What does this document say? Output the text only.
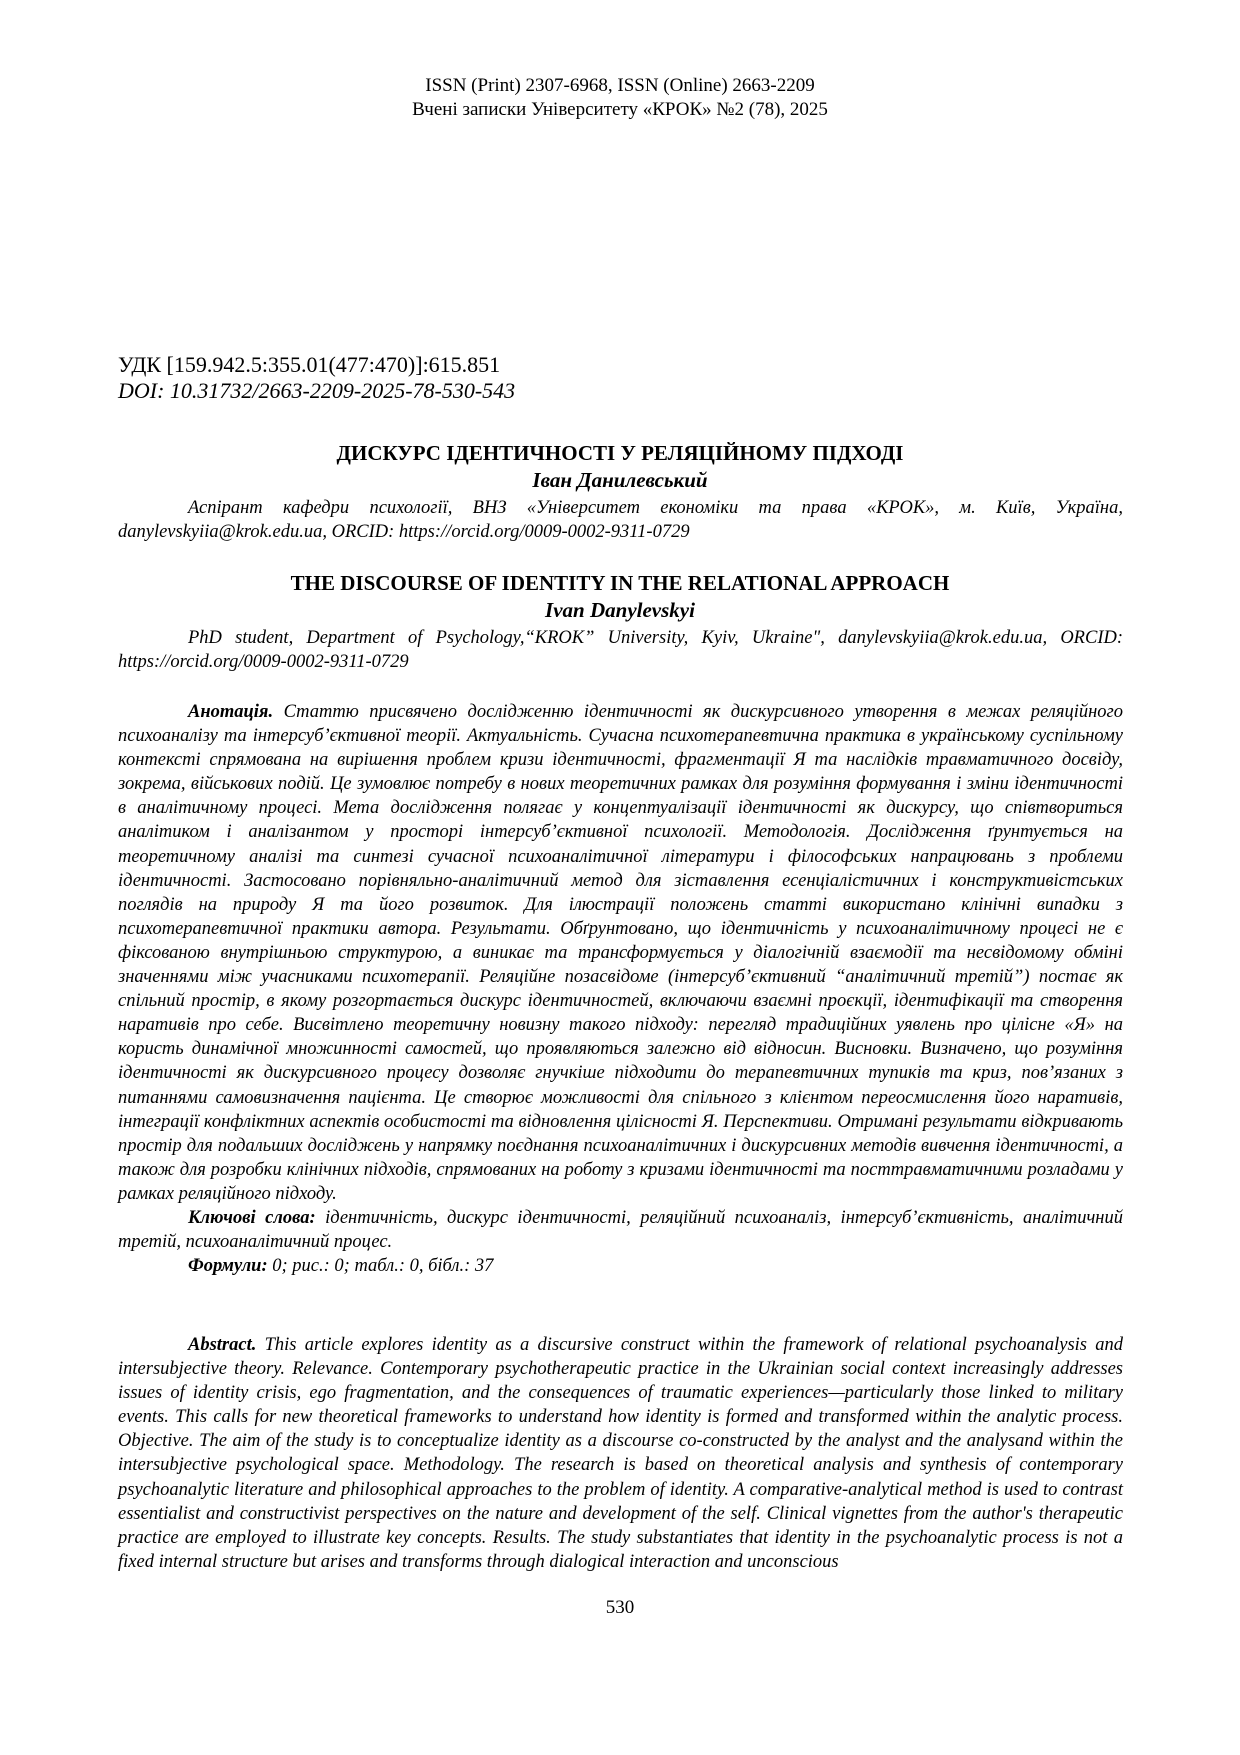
ISSN (Print) 2307-6968, ISSN (Online) 2663-2209
Вчені записки Університету «КРОК» №2 (78), 2025
УДК [159.942.5:355.01(477:470)]:615.851
DOI: 10.31732/2663-2209-2025-78-530-543
ДИСКУРС ІДЕНТИЧНОСТІ У РЕЛЯЦІЙНОМУ ПІДХОДІ
Іван Данилевський
Аспірант кафедри психології, ВНЗ «Університет економіки та права «КРОК», м. Київ, Україна, danylevskyiia@krok.edu.ua, ORCID: https://orcid.org/0009-0002-9311-0729
THE DISCOURSE OF IDENTITY IN THE RELATIONAL APPROACH
Ivan Danylevskyi
PhD student, Department of Psychology,“KROK” University, Kyiv, Ukraine", danylevskyiia@krok.edu.ua, ORCID: https://orcid.org/0009-0002-9311-0729

Анотація. Статтю присвячено дослідженню ідентичності як дискурсивного утворення в межах реляційного психоаналізу та інтерсуб’єктивної теорії. Актуальність. Сучасна психотерапевтична практика в українському суспільному контексті спрямована на вирішення проблем кризи ідентичності, фрагментації Я та наслідків травматичного досвіду, зокрема, військових подій. Це зумовлює потребу в нових теоретичних рамках для розуміння формування і зміни ідентичності в аналітичному процесі. Мета дослідження полягає у концептуалізації ідентичності як дискурсу, що співтвориться аналітиком і аналізантом у просторі інтерсуб’єктивної психології. Методологія. Дослідження ґрунтується на теоретичному аналізі та синтезі сучасної психоаналітичної літератури і філософських напрацювань з проблеми ідентичності. Застосовано порівняльно-аналітичний метод для зіставлення есенціалістичних і конструктивістських поглядів на природу Я та його розвиток. Для ілюстрації положень статті використано клінічні випадки з психотерапевтичної практики автора. Результати. Обґрунтовано, що ідентичність у психоаналітичному процесі не є фіксованою внутрішньою структурою, а виникає та трансформується у діалогічній взаємодії та несвідомому обміні значеннями між учасниками психотерапії. Реляційне позасвідоме (інтерсуб’єктивний “аналітичний третій”) постає як спільний простір, в якому розгортається дискурс ідентичностей, включаючи взаємні проєкції, ідентифікації та створення наративів про себе. Висвітлено теоретичну новизну такого підходу: перегляд традиційних уявлень про цілісне «Я» на користь динамічної множинності самостей, що проявляються залежно від відносин. Висновки. Визначено, що розуміння ідентичності як дискурсивного процесу дозволяє гнучкіше підходити до терапевтичних тупиків та криз, пов’язаних з питаннями самовизначення пацієнта. Це створює можливості для спільного з клієнтом переосмислення його наративів, інтеграції конфліктних аспектів особистості та відновлення цілісності Я. Перспективи. Отримані результати відкривають простір для подальших досліджень у напрямку поєднання психоаналітичних і дискурсивних методів вивчення ідентичності, а також для розробки клінічних підходів, спрямованих на роботу з кризами ідентичності та посттравматичними розладами у рамках реляційного підходу.

Ключові слова: ідентичність, дискурс ідентичності, реляційний психоаналіз, інтерсуб’єктивність, аналітичний третій, психоаналітичний процес.

Формули: 0; рис.: 0; табл.: 0, бібл.: 37

Abstract. This article explores identity as a discursive construct within the framework of relational psychoanalysis and intersubjective theory. Relevance. Contemporary psychotherapeutic practice in the Ukrainian social context increasingly addresses issues of identity crisis, ego fragmentation, and the consequences of traumatic experiences—particularly those linked to military events. This calls for new theoretical frameworks to understand how identity is formed and transformed within the analytic process. Objective. The aim of the study is to conceptualize identity as a discourse co-constructed by the analyst and the analysand within the intersubjective psychological space. Methodology. The research is based on theoretical analysis and synthesis of contemporary psychoanalytic literature and philosophical approaches to the problem of identity. A comparative-analytical method is used to contrast essentialist and constructivist perspectives on the nature and development of the self. Clinical vignettes from the author's therapeutic practice are employed to illustrate key concepts. Results. The study substantiates that identity in the psychoanalytic process is not a fixed internal structure but arises and transforms through dialogical interaction and unconscious

530
